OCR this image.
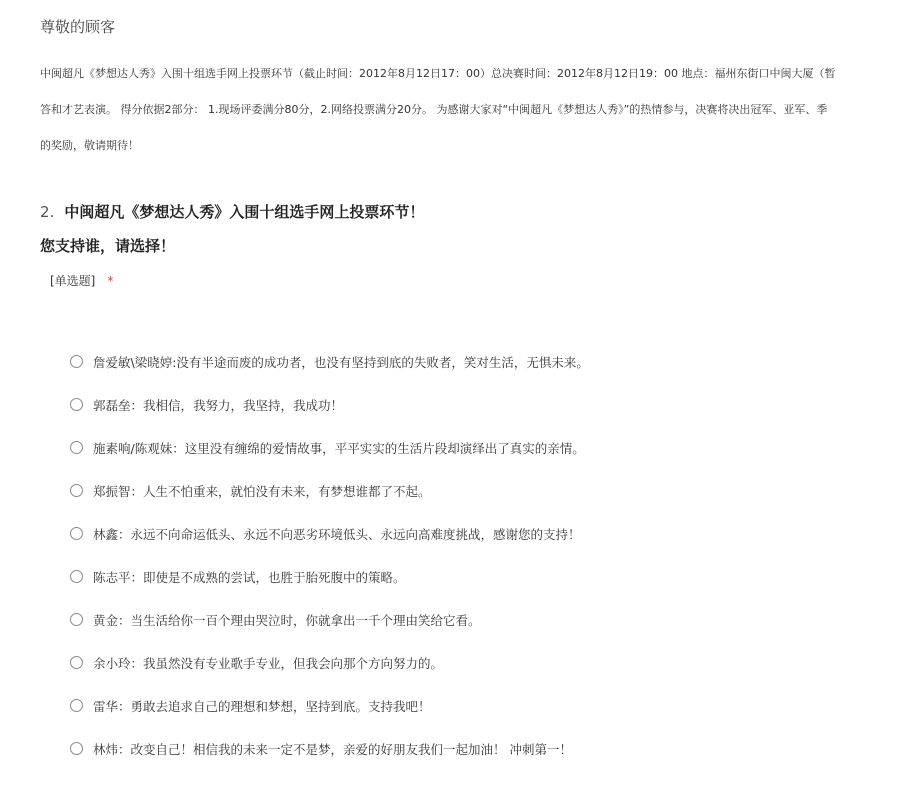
尊敬的顾客
中闽超凡《梦想达人秀》入围十组选手网上投票环节（截止时间：2012年8月12日17：00）总决赛时间：2012年8月12日19：00 地点：福州东街口中闽大厦（暂
答和才艺表演。 得分依据2部分： 1.现场评委满分80分，2.网络投票满分20分。 为感谢大家对“中闽超凡《梦想达人秀》”的热情参与，决赛将决出冠军、亚军、季
的奖励，敬请期待！
2. 中闽超凡《梦想达人秀》入围十组选手网上投票环节！
您支持谁，请选择！
[单选题] *
詹爱敏\梁晓婷:没有半途而废的成功者，也没有坚持到底的失败者，笑对生活，无惧未来。
郭磊垒：我相信，我努力，我坚持，我成功！
施素响/陈观妹：这里没有缠绵的爱情故事，平平实实的生活片段却演绎出了真实的亲情。
郑振智：人生不怕重来，就怕没有未来，有梦想谁都了不起。
林鑫：永远不向命运低头、永远不向恶劣环境低头、永远向高难度挑战，感谢您的支持！
陈志平：即使是不成熟的尝试，也胜于胎死腹中的策略。
黄金：当生活给你一百个理由哭泣时，你就拿出一千个理由笑给它看。
余小玲：我虽然没有专业歌手专业，但我会向那个方向努力的。
雷华：勇敢去追求自己的理想和梦想，坚持到底。支持我吧！
林炜：改变自己！相信我的未来一定不是梦，亲爱的好朋友我们一起加油！ 冲刺第一！
